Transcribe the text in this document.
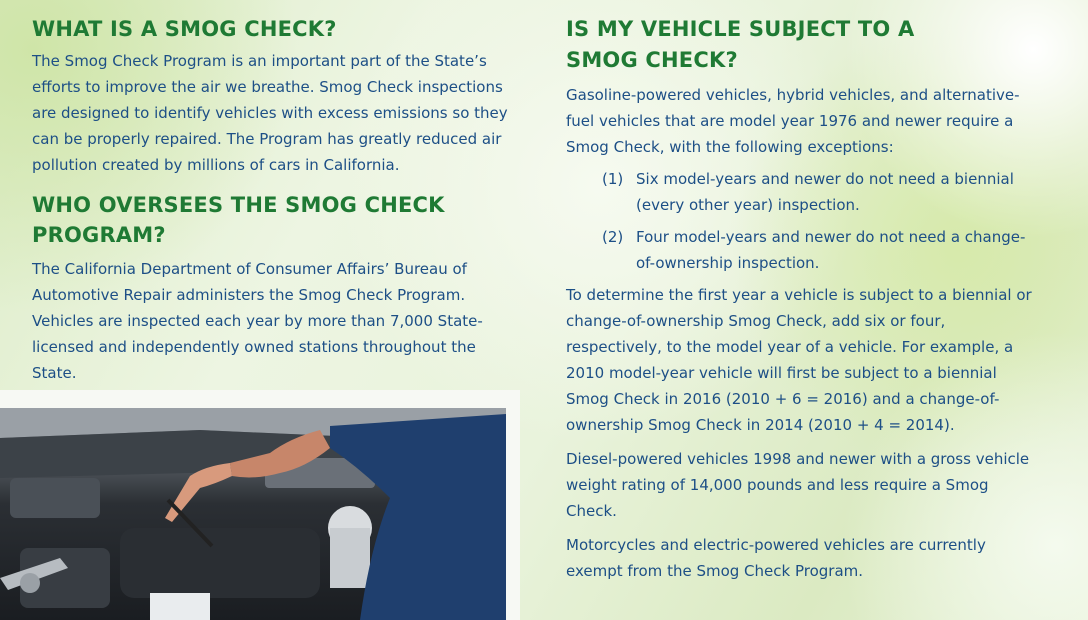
WHAT IS A SMOG CHECK?

The Smog Check Program is an important part of the State’s efforts to improve the air we breathe. Smog Check inspections are designed to identify vehicles with excess emissions so they can be properly repaired. The Program has greatly reduced air pollution created by millions of cars in California.

WHO OVERSEES THE SMOG CHECK PROGRAM?

The California Department of Consumer Affairs’ Bureau of Automotive Repair administers the Smog Check Program. Vehicles are inspected each year by more than 7,000 State-licensed and independently owned stations throughout the State.

IS MY VEHICLE SUBJECT TO A SMOG CHECK?

Gasoline-powered vehicles, hybrid vehicles, and alternative-fuel vehicles that are model year 1976 and newer require a Smog Check, with the following exceptions:

(1) Six model-years and newer do not need a biennial (every other year) inspection.
(2) Four model-years and newer do not need a change-of-ownership inspection.

To determine the first year a vehicle is subject to a biennial or change-of-ownership Smog Check, add six or four, respectively, to the model year of a vehicle. For example, a 2010 model-year vehicle will first be subject to a biennial Smog Check in 2016 (2010 + 6 = 2016) and a change-of-ownership Smog Check in 2014 (2010 + 4 = 2014).

Diesel-powered vehicles 1998 and newer with a gross vehicle weight rating of 14,000 pounds and less require a Smog Check.

Motorcycles and electric-powered vehicles are currently exempt from the Smog Check Program.
